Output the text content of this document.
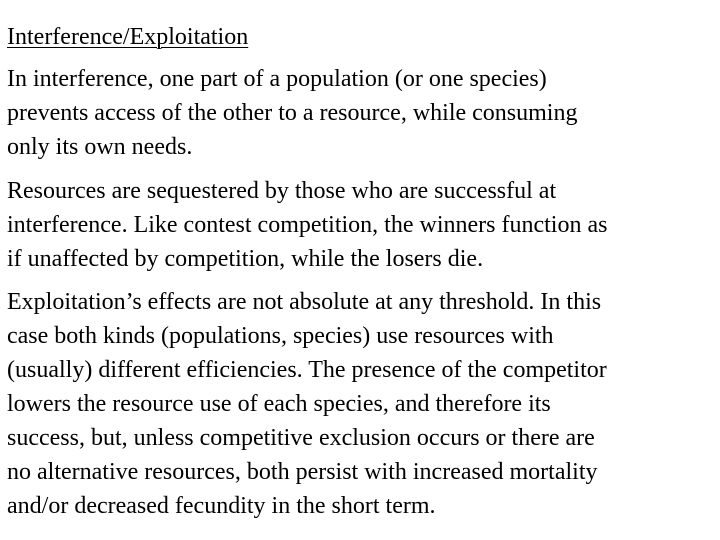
Interference/Exploitation
In interference, one part of a population (or one species)
prevents access of the other to a resource, while consuming
only its own needs.
Resources are sequestered by those who are successful at
interference. Like contest competition, the winners function as
if unaffected by competition, while the losers die.
Exploitation’s effects are not absolute at any threshold. In this
case both kinds (populations, species) use resources with
(usually) different efficiencies. The presence of the competitor
lowers the resource use of each species, and therefore its
success, but, unless competitive exclusion occurs or there are
no alternative resources, both persist with increased mortality
and/or decreased fecundity in the short term.
